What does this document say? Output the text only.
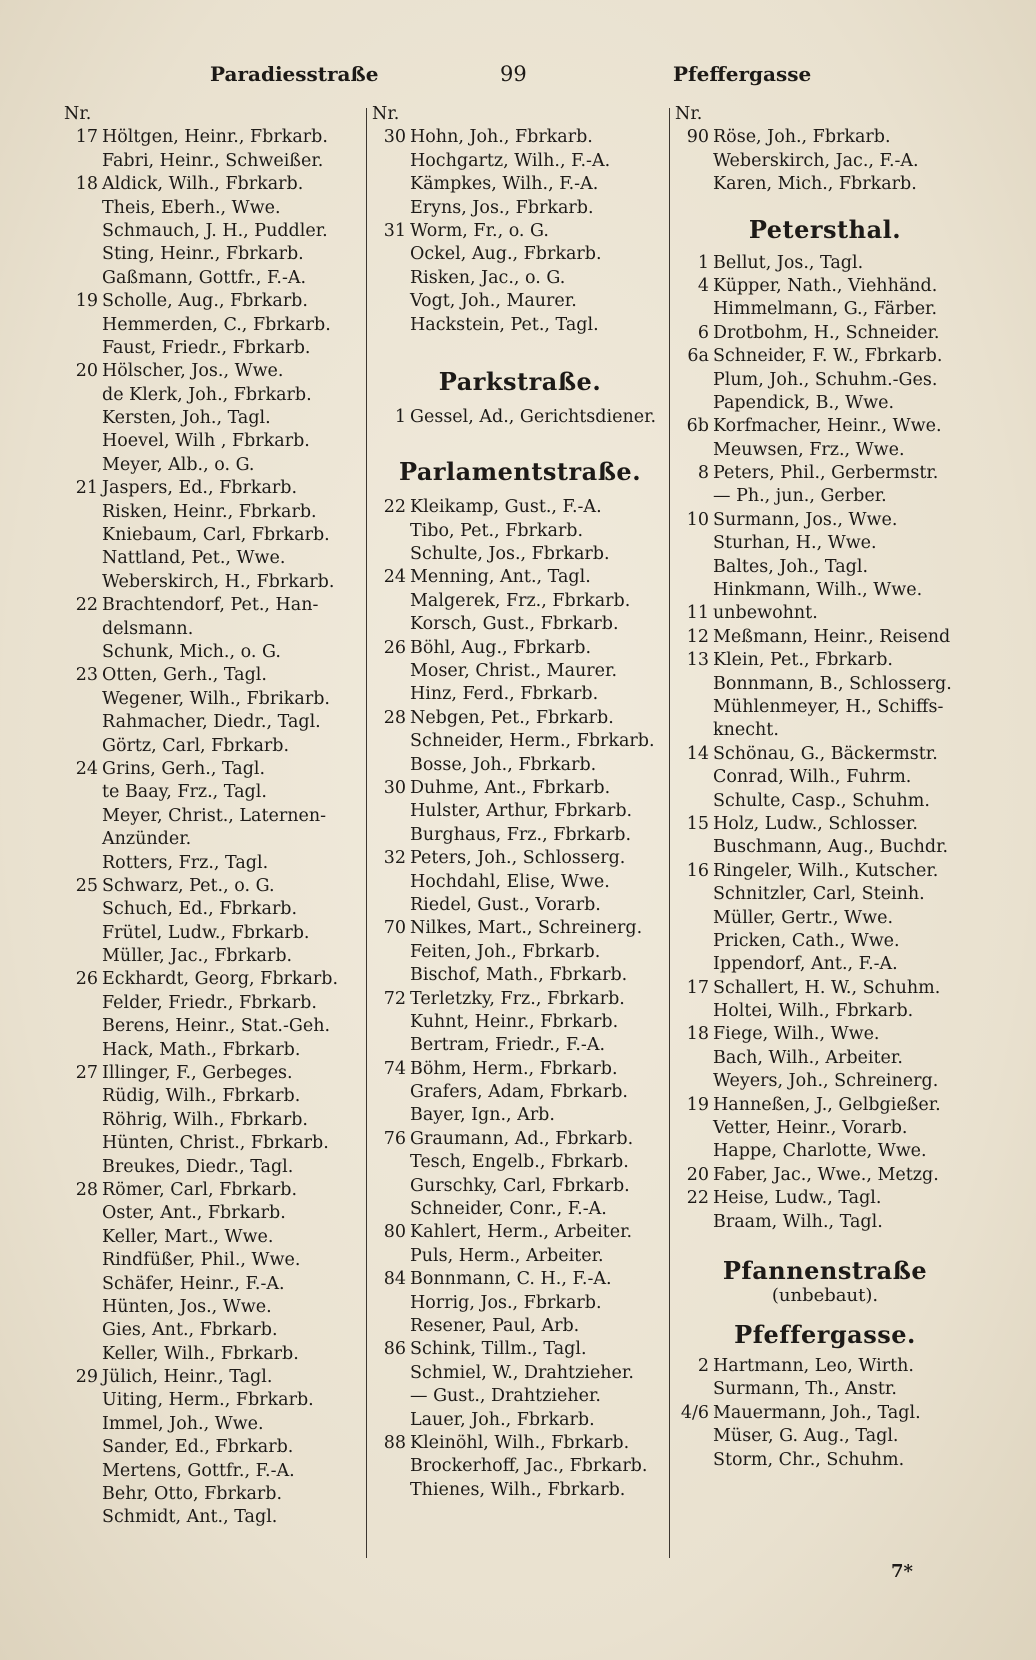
Paradiesstraße	99	Pfeffergasse
Nr.
17 Höltgen, Heinr., Fbrkarb.
Fabri, Heinr., Schweißer.
18 Aldick, Wilh., Fbrkarb.
Theis, Eberh., Wwe.
Schmauch, J. H., Puddler.
Sting, Heinr., Fbrkarb.
Gaßmann, Gottfr., F.-A.
19 Scholle, Aug., Fbrkarb.
Hemmerden, C., Fbrkarb.
Faust, Friedr., Fbrkarb.
20 Hölscher, Jos., Wwe.
de Klerk, Joh., Fbrkarb.
Kersten, Joh., Tagl.
Hoevel, Wilh , Fbrkarb.
Meyer, Alb., o. G.
21 Jaspers, Ed., Fbrkarb.
Risken, Heinr., Fbrkarb.
Kniebaum, Carl, Fbrkarb.
Nattland, Pet., Wwe.
Weberskirch, H., Fbrkarb.
22 Brachtendorf, Pet., Han-
delsmann.
Schunk, Mich., o. G.
23 Otten, Gerh., Tagl.
Wegener, Wilh., Fbrikarb.
Rahmacher, Diedr., Tagl.
Görtz, Carl, Fbrkarb.
24 Grins, Gerh., Tagl.
te Baay, Frz., Tagl.
Meyer, Christ., Laternen-
Anzünder.
Rotters, Frz., Tagl.
25 Schwarz, Pet., o. G.
Schuch, Ed., Fbrkarb.
Frütel, Ludw., Fbrkarb.
Müller, Jac., Fbrkarb.
26 Eckhardt, Georg, Fbrkarb.
Felder, Friedr., Fbrkarb.
Berens, Heinr., Stat.-Geh.
Hack, Math., Fbrkarb.
27 Illinger, F., Gerbeges.
Rüdig, Wilh., Fbrkarb.
Röhrig, Wilh., Fbrkarb.
Hünten, Christ., Fbrkarb.
Breukes, Diedr., Tagl.
28 Römer, Carl, Fbrkarb.
Oster, Ant., Fbrkarb.
Keller, Mart., Wwe.
Rindfüßer, Phil., Wwe.
Schäfer, Heinr., F.-A.
Hünten, Jos., Wwe.
Gies, Ant., Fbrkarb.
Keller, Wilh., Fbrkarb.
29 Jülich, Heinr., Tagl.
Uiting, Herm., Fbrkarb.
Immel, Joh., Wwe.
Sander, Ed., Fbrkarb.
Mertens, Gottfr., F.-A.
Behr, Otto, Fbrkarb.
Schmidt, Ant., Tagl.
Nr.
30 Hohn, Joh., Fbrkarb.
Hochgartz, Wilh., F.-A.
Kämpkes, Wilh., F.-A.
Eryns, Jos., Fbrkarb.
31 Worm, Fr., o. G.
Ockel, Aug., Fbrkarb.
Risken, Jac., o. G.
Vogt, Joh., Maurer.
Hackstein, Pet., Tagl.
Parkstraße.
1 Gessel, Ad., Gerichtsdiener.
Parlamentstraße.
22 Kleikamp, Gust., F.-A.
Tibo, Pet., Fbrkarb.
Schulte, Jos., Fbrkarb.
24 Menning, Ant., Tagl.
Malgerek, Frz., Fbrkarb.
Korsch, Gust., Fbrkarb.
26 Böhl, Aug., Fbrkarb.
Moser, Christ., Maurer.
Hinz, Ferd., Fbrkarb.
28 Nebgen, Pet., Fbrkarb.
Schneider, Herm., Fbrkarb.
Bosse, Joh., Fbrkarb.
30 Duhme, Ant., Fbrkarb.
Hulster, Arthur, Fbrkarb.
Burghaus, Frz., Fbrkarb.
32 Peters, Joh., Schlosserg.
Hochdahl, Elise, Wwe.
Riedel, Gust., Vorarb.
70 Nilkes, Mart., Schreinerg.
Feiten, Joh., Fbrkarb.
Bischof, Math., Fbrkarb.
72 Terletzky, Frz., Fbrkarb.
Kuhnt, Heinr., Fbrkarb.
Bertram, Friedr., F.-A.
74 Böhm, Herm., Fbrkarb.
Grafers, Adam, Fbrkarb.
Bayer, Ign., Arb.
76 Graumann, Ad., Fbrkarb.
Tesch, Engelb., Fbrkarb.
Gurschky, Carl, Fbrkarb.
Schneider, Conr., F.-A.
80 Kahlert, Herm., Arbeiter.
Puls, Herm., Arbeiter.
84 Bonnmann, C. H., F.-A.
Horrig, Jos., Fbrkarb.
Resener, Paul, Arb.
86 Schink, Tillm., Tagl.
Schmiel, W., Drahtzieher.
— Gust., Drahtzieher.
Lauer, Joh., Fbrkarb.
88 Kleinöhl, Wilh., Fbrkarb.
Brockerhoff, Jac., Fbrkarb.
Thienes, Wilh., Fbrkarb.
Nr.
90 Röse, Joh., Fbrkarb.
Weberskirch, Jac., F.-A.
Karen, Mich., Fbrkarb.
Petersthal.
1 Bellut, Jos., Tagl.
4 Küpper, Nath., Viehhänd.
Himmelmann, G., Färber.
6 Drotbohm, H., Schneider.
6a Schneider, F. W., Fbrkarb.
Plum, Joh., Schuhm.-Ges.
Papendick, B., Wwe.
6b Korfmacher, Heinr., Wwe.
Meuwsen, Frz., Wwe.
8 Peters, Phil., Gerbermstr.
— Ph., jun., Gerber.
10 Surmann, Jos., Wwe.
Sturhan, H., Wwe.
Baltes, Joh., Tagl.
Hinkmann, Wilh., Wwe.
11 unbewohnt.
12 Meßmann, Heinr., Reisend
13 Klein, Pet., Fbrkarb.
Bonnmann, B., Schlosserg.
Mühlenmeyer, H., Schiffs-
knecht.
14 Schönau, G., Bäckermstr.
Conrad, Wilh., Fuhrm.
Schulte, Casp., Schuhm.
15 Holz, Ludw., Schlosser.
Buschmann, Aug., Buchdr.
16 Ringeler, Wilh., Kutscher.
Schnitzler, Carl, Steinh.
Müller, Gertr., Wwe.
Pricken, Cath., Wwe.
Ippendorf, Ant., F.-A.
17 Schallert, H. W., Schuhm.
Holtei, Wilh., Fbrkarb.
18 Fiege, Wilh., Wwe.
Bach, Wilh., Arbeiter.
Weyers, Joh., Schreinerg.
19 Hanneßen, J., Gelbgießer.
Vetter, Heinr., Vorarb.
Happe, Charlotte, Wwe.
20 Faber, Jac., Wwe., Metzg.
22 Heise, Ludw., Tagl.
Braam, Wilh., Tagl.
Pfannenstraße
(unbebaut).
Pfeffergasse.
2 Hartmann, Leo, Wirth.
Surmann, Th., Anstr.
4/6 Mauermann, Joh., Tagl.
Müser, G. Aug., Tagl.
Storm, Chr., Schuhm.
7*
